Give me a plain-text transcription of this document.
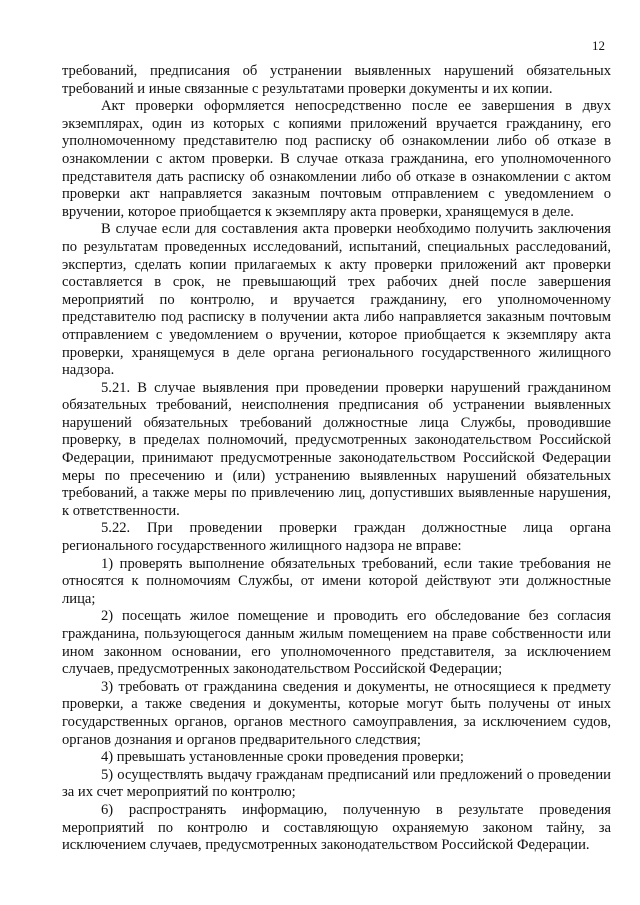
12

требований, предписания об устранении выявленных нарушений обязательных требований и иные связанные с результатами проверки документы и их копии.

Акт проверки оформляется непосредственно после ее завершения в двух экземплярах, один из которых с копиями приложений вручается гражданину, его уполномоченному представителю под расписку об ознакомлении либо об отказе в ознакомлении с актом проверки. В случае отказа гражданина, его уполномоченного представителя дать расписку об ознакомлении либо об отказе в ознакомлении с актом проверки акт направляется заказным почтовым отправлением с уведомлением о вручении, которое приобщается к экземпляру акта проверки, хранящемуся в деле.

В случае если для составления акта проверки необходимо получить заключения по результатам проведенных исследований, испытаний, специальных расследований, экспертиз, сделать копии прилагаемых к акту проверки приложений акт проверки составляется в срок, не превышающий трех рабочих дней после завершения мероприятий по контролю, и вручается гражданину, его уполномоченному представителю под расписку в получении акта либо направляется заказным почтовым отправлением с уведомлением о вручении, которое приобщается к экземпляру акта проверки, хранящемуся в деле органа регионального государственного жилищного надзора.

5.21. В случае выявления при проведении проверки нарушений гражданином обязательных требований, неисполнения предписания об устранении выявленных нарушений обязательных требований должностные лица Службы, проводившие проверку, в пределах полномочий, предусмотренных законодательством Российской Федерации, принимают предусмотренные законодательством Российской Федерации меры по пресечению и (или) устранению выявленных нарушений обязательных требований, а также меры по привлечению лиц, допустивших выявленные нарушения, к ответственности.

5.22. При проведении проверки граждан должностные лица органа регионального государственного жилищного надзора не вправе:

1) проверять выполнение обязательных требований, если такие требования не относятся к полномочиям Службы, от имени которой действуют эти должностные лица;

2) посещать жилое помещение и проводить его обследование без согласия гражданина, пользующегося данным жилым помещением на праве собственности или ином законном основании, его уполномоченного представителя, за исключением случаев, предусмотренных законодательством Российской Федерации;

3) требовать от гражданина сведения и документы, не относящиеся к предмету проверки, а также сведения и документы, которые могут быть получены от иных государственных органов, органов местного самоуправления, за исключением судов, органов дознания и органов предварительного следствия;

4) превышать установленные сроки проведения проверки;

5) осуществлять выдачу гражданам предписаний или предложений о проведении за их счет мероприятий по контролю;

6) распространять информацию, полученную в результате проведения мероприятий по контролю и составляющую охраняемую законом тайну, за исключением случаев, предусмотренных законодательством Российской Федерации.
